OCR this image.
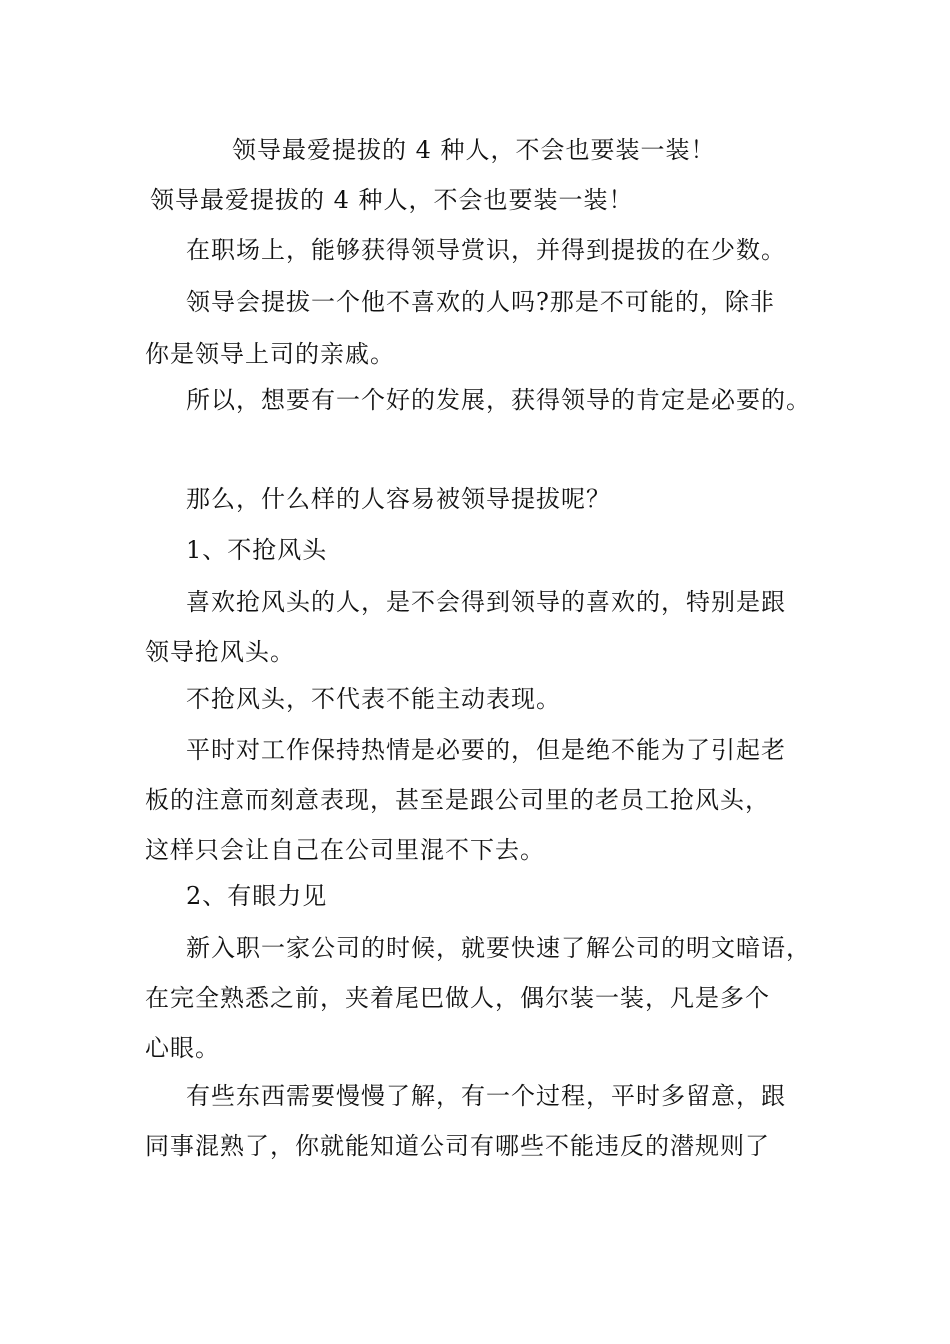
领导最爱提拔的 4 种人，不会也要装一装！
领导最爱提拔的 4 种人，不会也要装一装！
在职场上，能够获得领导赏识，并得到提拔的在少数。
领导会提拔一个他不喜欢的人吗?那是不可能的，除非
你是领导上司的亲戚。
所以，想要有一个好的发展，获得领导的肯定是必要的。
那么，什么样的人容易被领导提拔呢？
1、不抢风头
喜欢抢风头的人，是不会得到领导的喜欢的，特别是跟
领导抢风头。
不抢风头，不代表不能主动表现。
平时对工作保持热情是必要的，但是绝不能为了引起老
板的注意而刻意表现，甚至是跟公司里的老员工抢风头，
这样只会让自己在公司里混不下去。
2、有眼力见
新入职一家公司的时候，就要快速了解公司的明文暗语，
在完全熟悉之前，夹着尾巴做人，偶尔装一装，凡是多个
心眼。
有些东西需要慢慢了解，有一个过程，平时多留意，跟
同事混熟了，你就能知道公司有哪些不能违反的潜规则了
